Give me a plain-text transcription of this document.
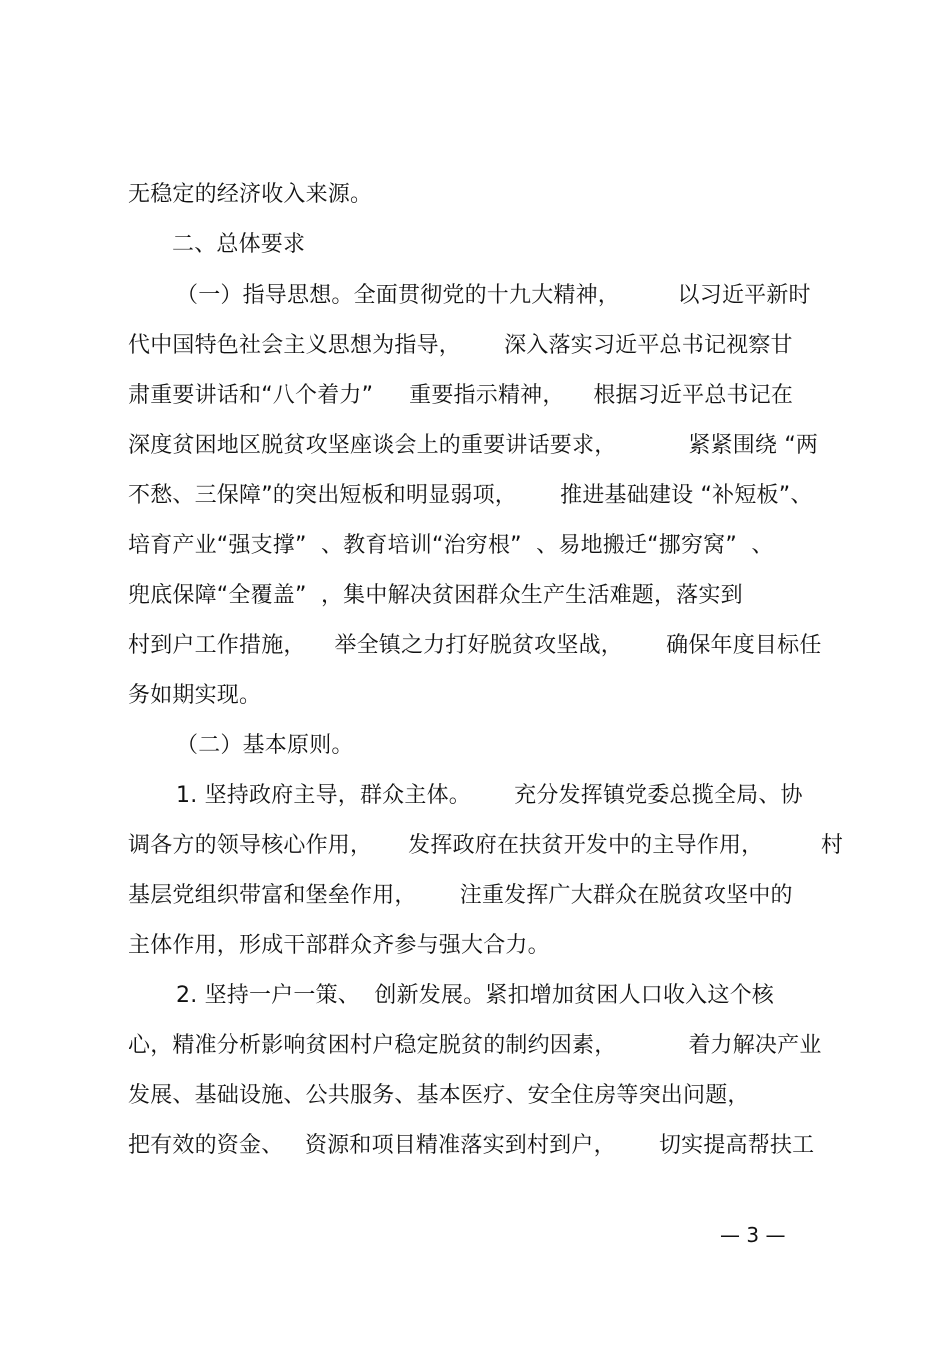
无稳定的经济收入来源。
二、总体要求
（一）指导思想。全面贯彻党的十九大精神，        以习近平新时
代中国特色社会主义思想为指导，      深入落实习近平总书记视察甘
肃重要讲话和“八个着力”     重要指示精神，    根据习近平总书记在
深度贫困地区脱贫攻坚座谈会上的重要讲话要求，          紧紧围绕 “两
不愁、三保障”的突出短板和明显弱项，      推进基础建设 “补短板”、
培育产业“强支撑”  、教育培训“治穷根”  、易地搬迁“挪穷窝”  、
兜底保障“全覆盖”  ，集中解决贫困群众生产生活难题，落实到
村到户工作措施，    举全镇之力打好脱贫攻坚战，      确保年度目标任
务如期实现。
（二）基本原则。
1. 坚持政府主导，群众主体。      充分发挥镇党委总揽全局、协
调各方的领导核心作用，     发挥政府在扶贫开发中的主导作用，        村
基层党组织带富和堡垒作用，      注重发挥广大群众在脱贫攻坚中的
主体作用，形成干部群众齐参与强大合力。
2. 坚持一户一策、  创新发展。紧扣增加贫困人口收入这个核
心，精准分析影响贫困村户稳定脱贫的制约因素，          着力解决产业
发展、基础设施、公共服务、基本医疗、安全住房等突出问题，
把有效的资金、   资源和项目精准落实到村到户，      切实提高帮扶工
— 3 —
